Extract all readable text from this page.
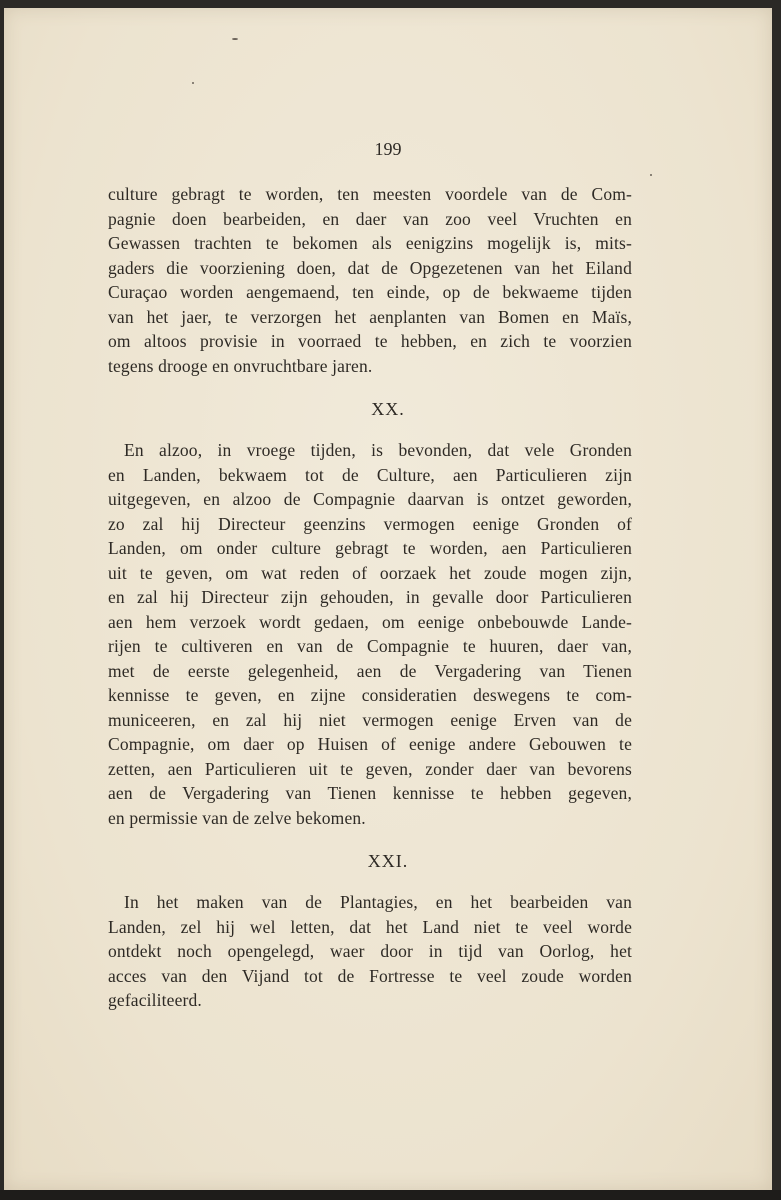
199
culture gebragt te worden, ten meesten voordele van de Com-
pagnie doen bearbeiden, en daer van zoo veel Vruchten en
Gewassen trachten te bekomen als eenigzins mogelijk is, mits-
gaders die voorziening doen, dat de Opgezetenen van het Eiland
Curaçao worden aengemaend, ten einde, op de bekwaeme tijden
van het jaer, te verzorgen het aenplanten van Bomen en Maïs,
om altoos provisie in voorraed te hebben, en zich te voorzien
tegens drooge en onvruchtbare jaren.
XX.
En alzoo, in vroege tijden, is bevonden, dat vele Gronden
en Landen, bekwaem tot de Culture, aen Particulieren zijn
uitgegeven, en alzoo de Compagnie daarvan is ontzet geworden,
zo zal hij Directeur geenzins vermogen eenige Gronden of
Landen, om onder culture gebragt te worden, aen Particulieren
uit te geven, om wat reden of oorzaek het zoude mogen zijn,
en zal hij Directeur zijn gehouden, in gevalle door Particulieren
aen hem verzoek wordt gedaen, om eenige onbebouwde Lande-
rijen te cultiveren en van de Compagnie te huuren, daer van,
met de eerste gelegenheid, aen de Vergadering van Tienen
kennisse te geven, en zijne consideratien deswegens te com-
municeeren, en zal hij niet vermogen eenige Erven van de
Compagnie, om daer op Huisen of eenige andere Gebouwen te
zetten, aen Particulieren uit te geven, zonder daer van bevorens
aen de Vergadering van Tienen kennisse te hebben gegeven,
en permissie van de zelve bekomen.
XXI.
In het maken van de Plantagies, en het bearbeiden van
Landen, zel hij wel letten, dat het Land niet te veel worde
ontdekt noch opengelegd, waer door in tijd van Oorlog, het
acces van den Vijand tot de Fortresse te veel zoude worden
gefaciliteerd.
